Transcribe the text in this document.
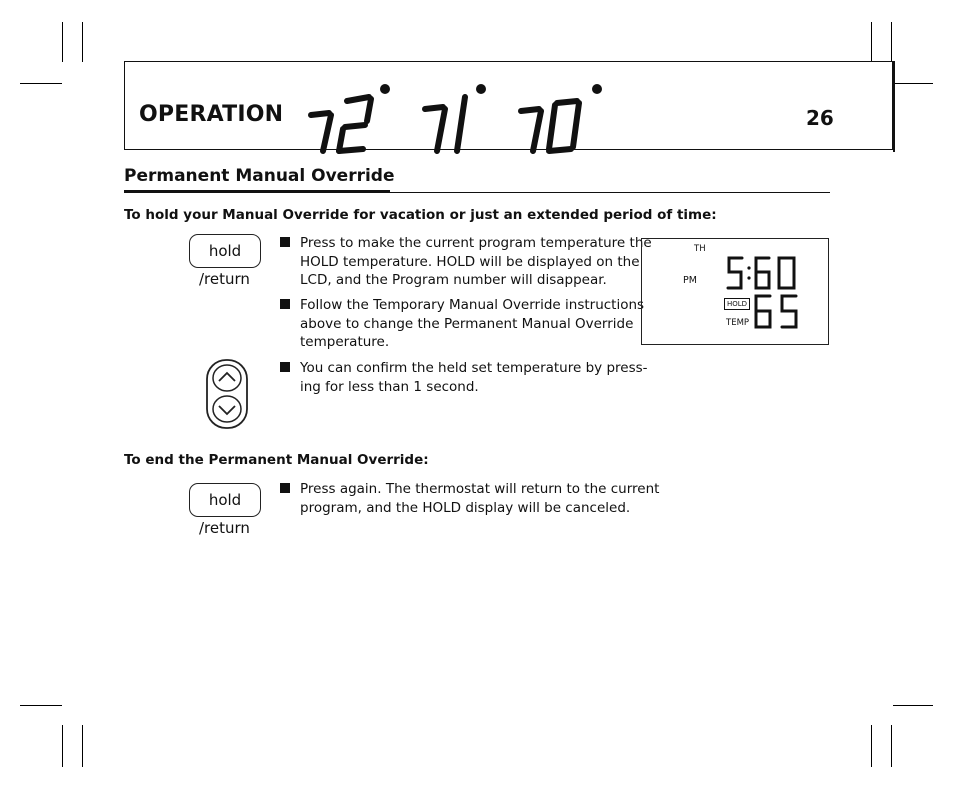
OPERATION	26
Permanent Manual Override
To hold your Manual Override for vacation or just an extended period of time:
hold
/return
Press to make the current program temperature the
HOLD temperature. HOLD will be displayed on the
LCD, and the Program number will disappear.
Follow the Temporary Manual Override instructions
above to change the Permanent Manual Override
temperature.
You can confirm the held set temperature by press-
ing for less than 1 second.
TH
PM
HOLD
TEMP
To end the Permanent Manual Override:
hold
/return
Press again. The thermostat will return to the current
program, and the HOLD display will be canceled.
